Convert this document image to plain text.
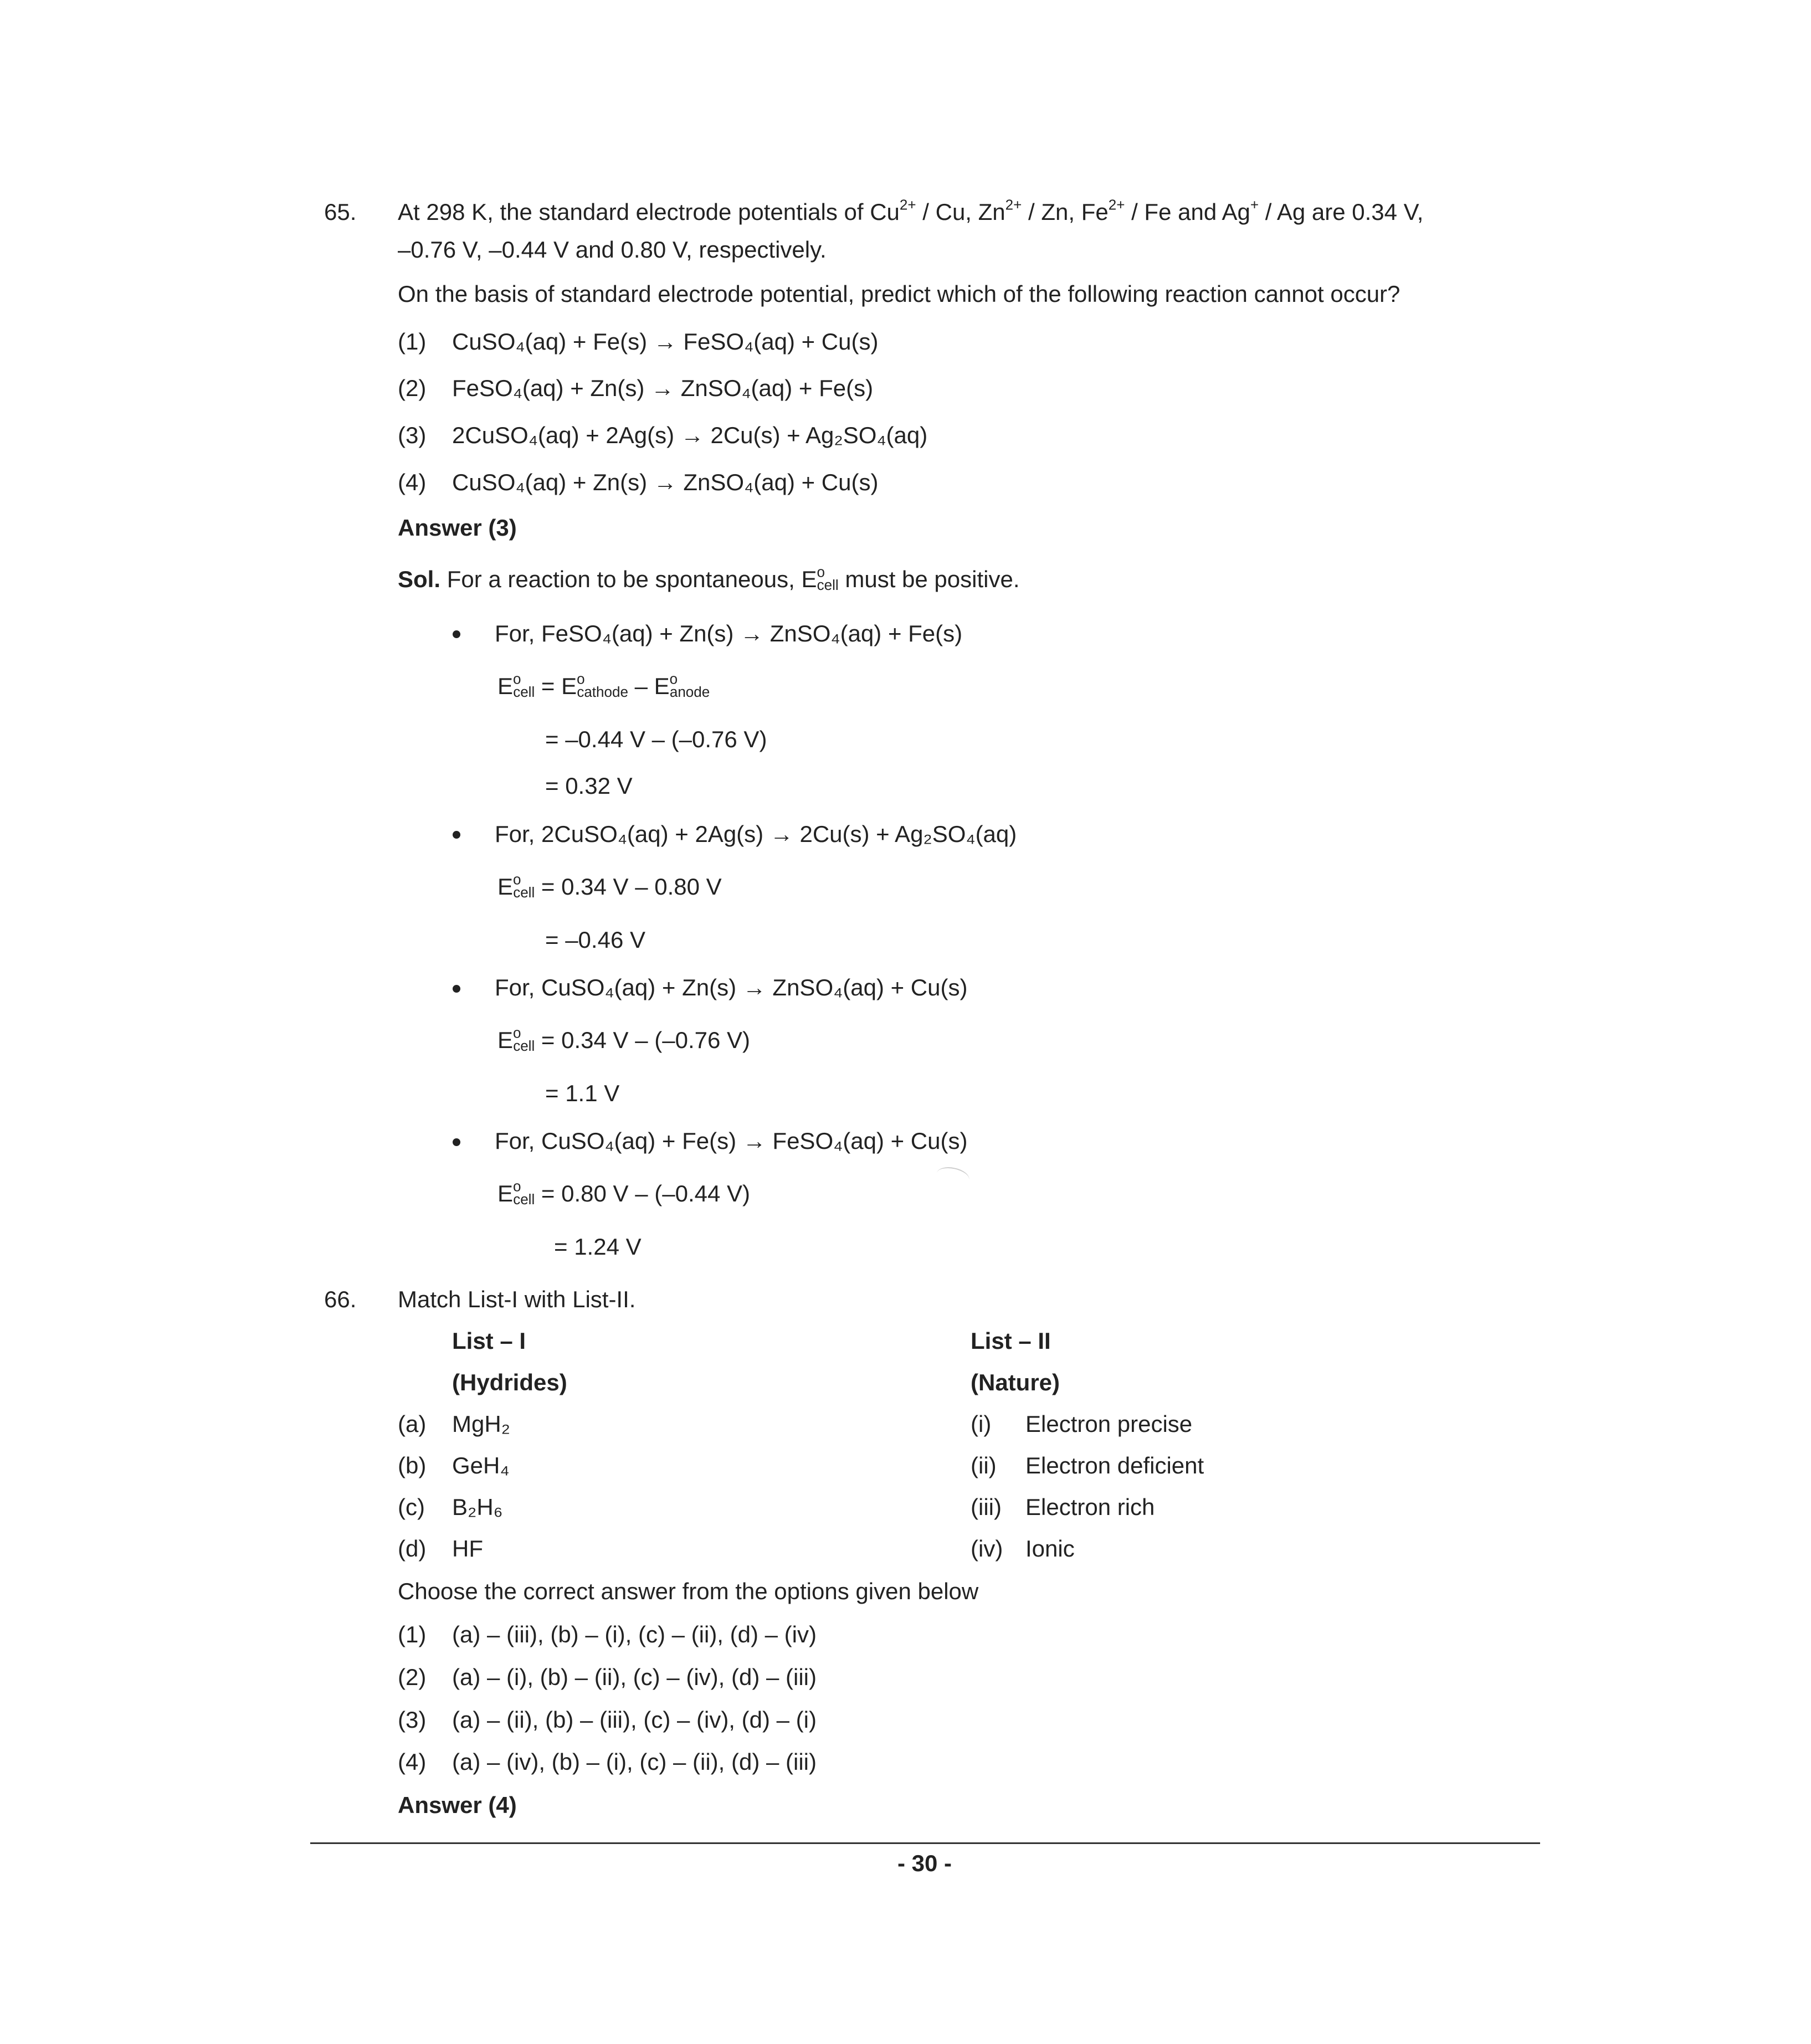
65. At 298 K, the standard electrode potentials of $Cu^{2+}$ / Cu, $Zn^{2+}$ / Zn, $Fe^{2+}$ / Fe and Ag+ / Ag are 0.34 V,
–0.76 V, –0.44 V and 0.80 V, respectively.
On the basis of standard electrode potential, predict which of the following reaction cannot occur?
(1) CuSO₄(aq) + Fe(s) → FeSO₄(aq) + Cu(s)
(2) FeSO₄(aq) + Zn(s) → ZnSO₄(aq) + Fe(s)
(3) 2CuSO₄(aq) + 2Ag(s) → 2Cu(s) + Ag₂SO₄(aq)
(4) CuSO₄(aq) + Zn(s) → ZnSO₄(aq) + Cu(s)
Answer (3)
Sol. For a reaction to be spontaneous, $E^o_{cell}$ must be positive.
For, FeSO₄(aq) + Zn(s) → ZnSO₄(aq) + Fe(s)
$E^o_{cell} = E^o_{cathode} - E^o_{anode}$
= –0.44 V – (–0.76 V)
= 0.32 V
For, 2CuSO₄(aq) + 2Ag(s) → 2Cu(s) + Ag₂SO₄(aq)
$E^o_{cell} = 0.34$ V – 0.80 V
= –0.46 V
For, CuSO₄(aq) + Zn(s) → ZnSO₄(aq) + Cu(s)
$E^o_{cell} = 0.34$ V – (–0.76 V)
= 1.1 V
For, CuSO₄(aq) + Fe(s) → FeSO₄(aq) + Cu(s)
$E^o_{cell} = 0.80$ V – (–0.44 V)
= 1.24 V
66. Match List-I with List-II.
List – I
(Hydrides)
List – II
(Nature)
(a) MgH₂	(i) Electron precise
(b) GeH₄	(ii) Electron deficient
(c) B₂H₆	(iii) Electron rich
(d) HF	(iv) Ionic
Choose the correct answer from the options given below
(1) (a) – (iii), (b) – (i), (c) – (ii), (d) – (iv)
(2) (a) – (i), (b) – (ii), (c) – (iv), (d) – (iii)
(3) (a) – (ii), (b) – (iii), (c) – (iv), (d) – (i)
(4) (a) – (iv), (b) – (i), (c) – (ii), (d) – (iii)
Answer (4)
- 30 -
